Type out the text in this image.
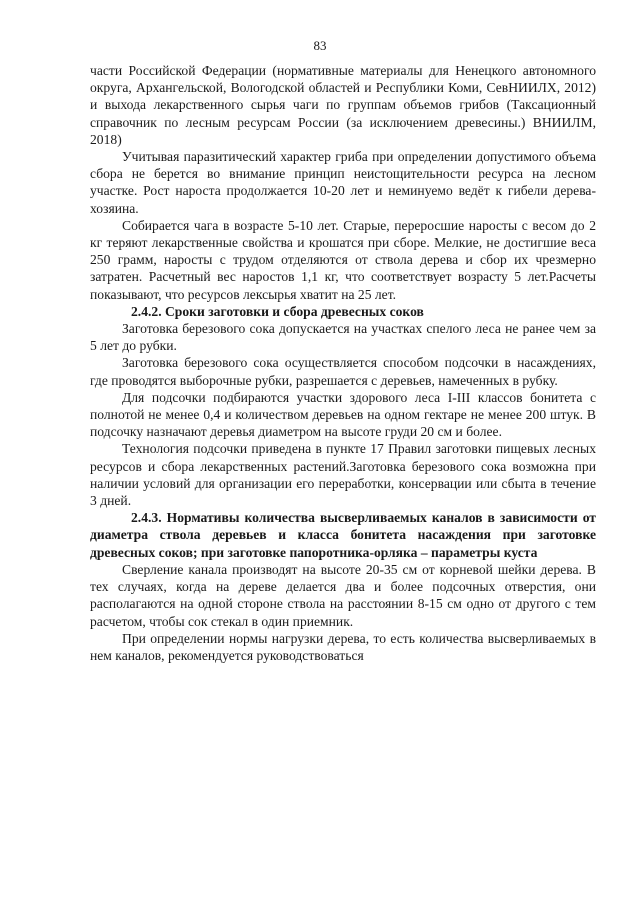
83

части Российской Федерации (нормативные материалы для Ненецкого автономного округа, Архангельской, Вологодской областей и Республики Коми, СевНИИЛХ, 2012) и выхода лекарственного сырья чаги по группам объемов грибов (Таксационный справочник по лесным ресурсам России (за исключением древесины.) ВНИИЛМ, 2018)

Учитывая паразитический характер гриба при определении допустимого объема сбора не берется во внимание принцип неистощительности ресурса на лесном участке. Рост нароста продолжается 10-20 лет и неминуемо ведёт к гибели дерева-хозяина.

Собирается чага в возрасте 5-10 лет. Старые, переросшие наросты с весом до 2 кг теряют лекарственные свойства и крошатся при сборе. Мелкие, не достигшие веса 250 грамм, наросты с трудом отделяются от ствола дерева и сбор их чрезмерно затратен. Расчетный вес наростов 1,1 кг, что соответствует возрасту 5 лет.Расчеты показывают, что ресурсов лексырья хватит на 25 лет.

2.4.2. Сроки заготовки и сбора древесных соков

Заготовка березового сока допускается на участках спелого леса не ранее чем за 5 лет до рубки.

Заготовка березового сока осуществляется способом подсочки в насаждениях, где проводятся выборочные рубки, разрешается с деревьев, намеченных в рубку.

Для подсочки подбираются участки здорового леса I-III классов бонитета с полнотой не менее 0,4 и количеством деревьев на одном гектаре не менее 200 штук. В подсочку назначают деревья диаметром на высоте груди 20 см и более.

Технология подсочки приведена в пункте 17 Правил заготовки пищевых лесных ресурсов и сбора лекарственных растений.Заготовка березового сока возможна при наличии условий для организации его переработки, консервации или сбыта в течение 3 дней.

2.4.3. Нормативы количества высверливаемых каналов в зависимости от диаметра ствола деревьев и класса бонитета насаждения при заготовке древесных соков; при заготовке папоротника-орляка – параметры куста

Сверление канала производят на высоте 20-35 см от корневой шейки дерева. В тех случаях, когда на дереве делается два и более подсочных отверстия, они располагаются на одной стороне ствола на расстоянии 8-15 см одно от другого с тем расчетом, чтобы сок стекал в один приемник.

При определении нормы нагрузки дерева, то есть количества высверливаемых в нем каналов, рекомендуется руководствоваться
